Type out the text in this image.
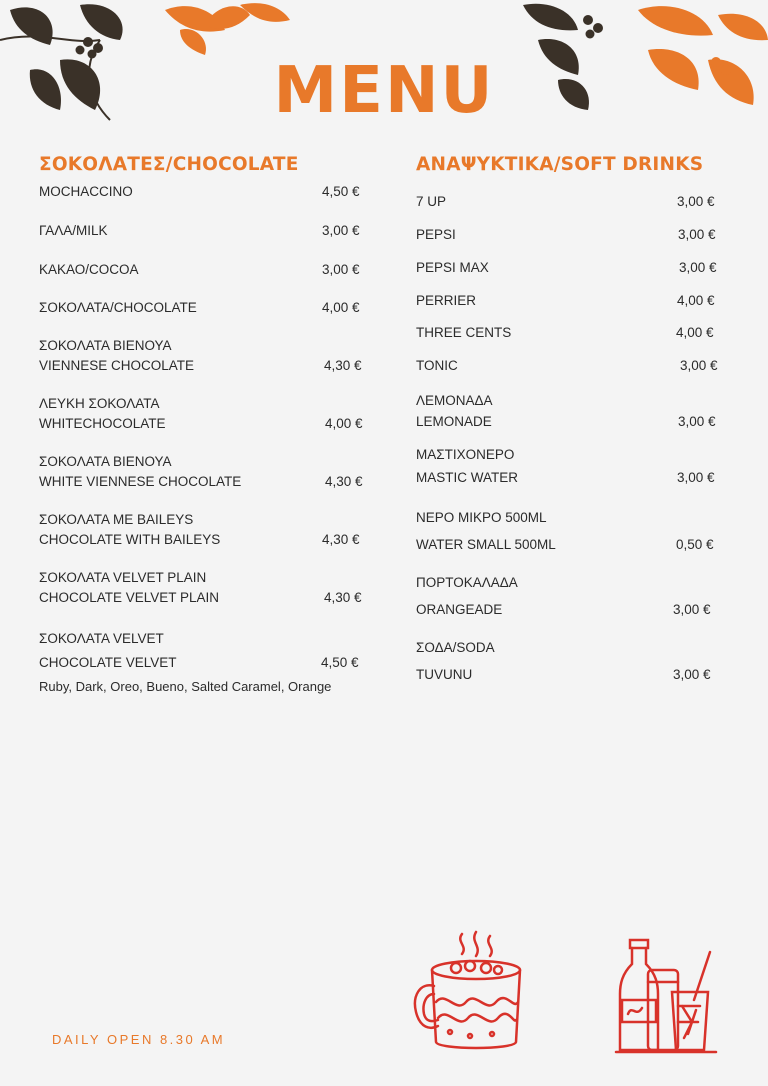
MENU
ΣΟΚΟΛΑΤΕΣ/CHOCOLATE	ΑΝΑΨΥΚΤΙΚΑ/SOFT DRINKS
MOCHACCINO	4,50 €
ΓΑΛΑ/MILK	3,00 €
ΚΑΚΑΟ/COCOA	3,00 €
ΣΟΚΟΛΑΤΑ/CHOCOLATE	4,00 €
ΣΟΚΟΛΑΤΑ ΒΙΕΝΟΥΑ
VIENNESE CHOCOLATE	4,30 €
ΛΕΥΚΗ ΣΟΚΟΛΑΤΑ
WHITECHOCOLATE	4,00 €
ΣΟΚΟΛΑΤΑ ΒΙΕΝΟΥΑ
WHITE VIENNESE CHOCOLATE	4,30 €
ΣΟΚΟΛΑΤΑ ΜΕ BAILEYS
CHOCOLATE WITH BAILEYS	4,30 €
ΣΟΚΟΛΑΤΑ VELVET PLAIN
CHOCOLATE VELVET PLAIN	4,30 €
ΣΟΚΟΛΑΤΑ VELVET
CHOCOLATE VELVET	4,50 €
Ruby, Dark, Oreo, Bueno, Salted Caramel, Orange
7 UP	3,00 €
PEPSI	3,00 €
PEPSI MAX	3,00 €
PERRIER	4,00 €
THREE CENTS	4,00 €
TONIC	3,00 €
ΛΕΜΟΝΑΔΑ
LEMONADE	3,00 €
ΜΑΣΤΙΧΟΝΕΡΟ
MASTIC WATER	3,00 €
ΝΕΡΟ ΜΙΚΡΟ 500ML
WATER SMALL 500ML	0,50 €
ΠΟΡΤΟΚΑΛΑΔΑ
ORANGEADE	3,00 €
ΣΟΔΑ/SODA
TUVUNU	3,00 €
DAILY OPEN 8.30 AM
